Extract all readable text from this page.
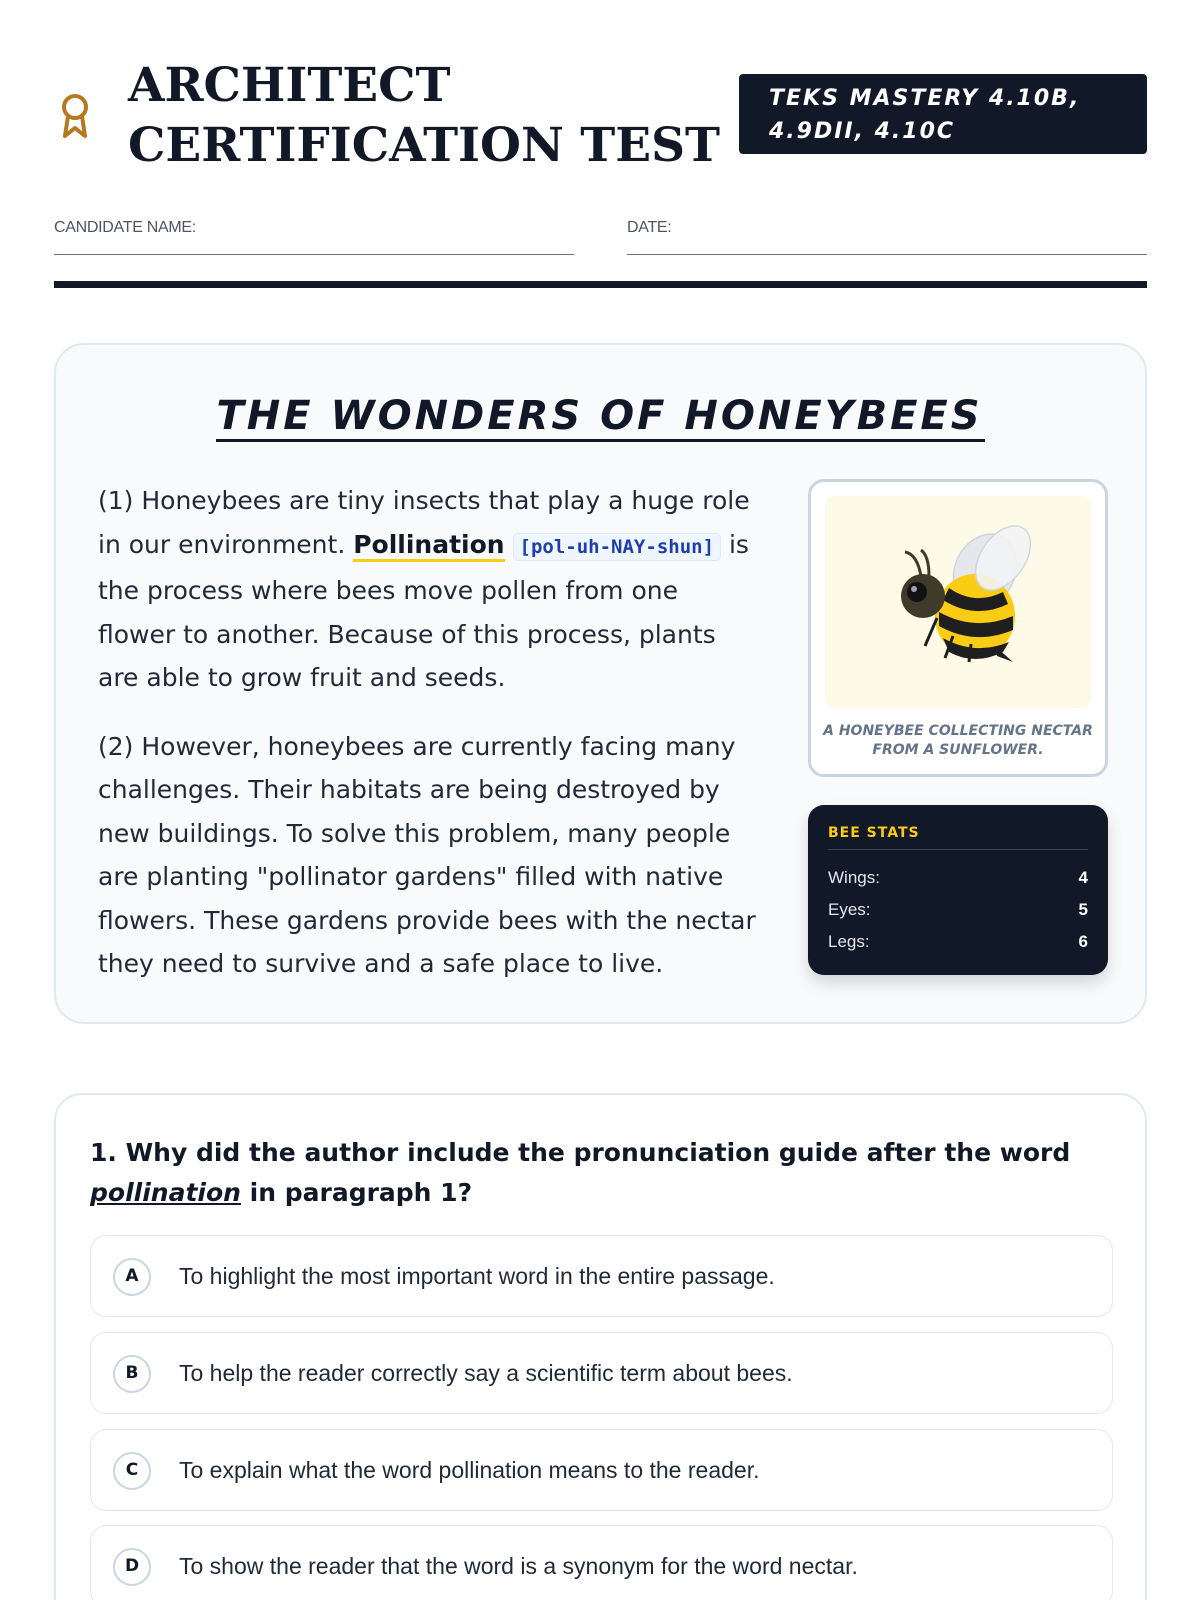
ARCHITECT
CERTIFICATION TEST
TEKS MASTERY 4.10B, 4.9DII, 4.10C
CANDIDATE NAME:	DATE:
THE WONDERS OF HONEYBEES

(1) Honeybees are tiny insects that play a huge role in our environment. Pollination [pol-uh-NAY-shun] is the process where bees move pollen from one flower to another. Because of this process, plants are able to grow fruit and seeds.

(2) However, honeybees are currently facing many challenges. Their habitats are being destroyed by new buildings. To solve this problem, many people are planting "pollinator gardens" filled with native flowers. These gardens provide bees with the nectar they need to survive and a safe place to live.

A HONEYBEE COLLECTING NECTAR FROM A SUNFLOWER.
BEE STATS
Wings:	4
Eyes:	5
Legs:	6
1. Why did the author include the pronunciation guide after the word pollination in paragraph 1?
A	To highlight the most important word in the entire passage.
B	To help the reader correctly say a scientific term about bees.
C	To explain what the word pollination means to the reader.
D	To show the reader that the word is a synonym for the word nectar.
